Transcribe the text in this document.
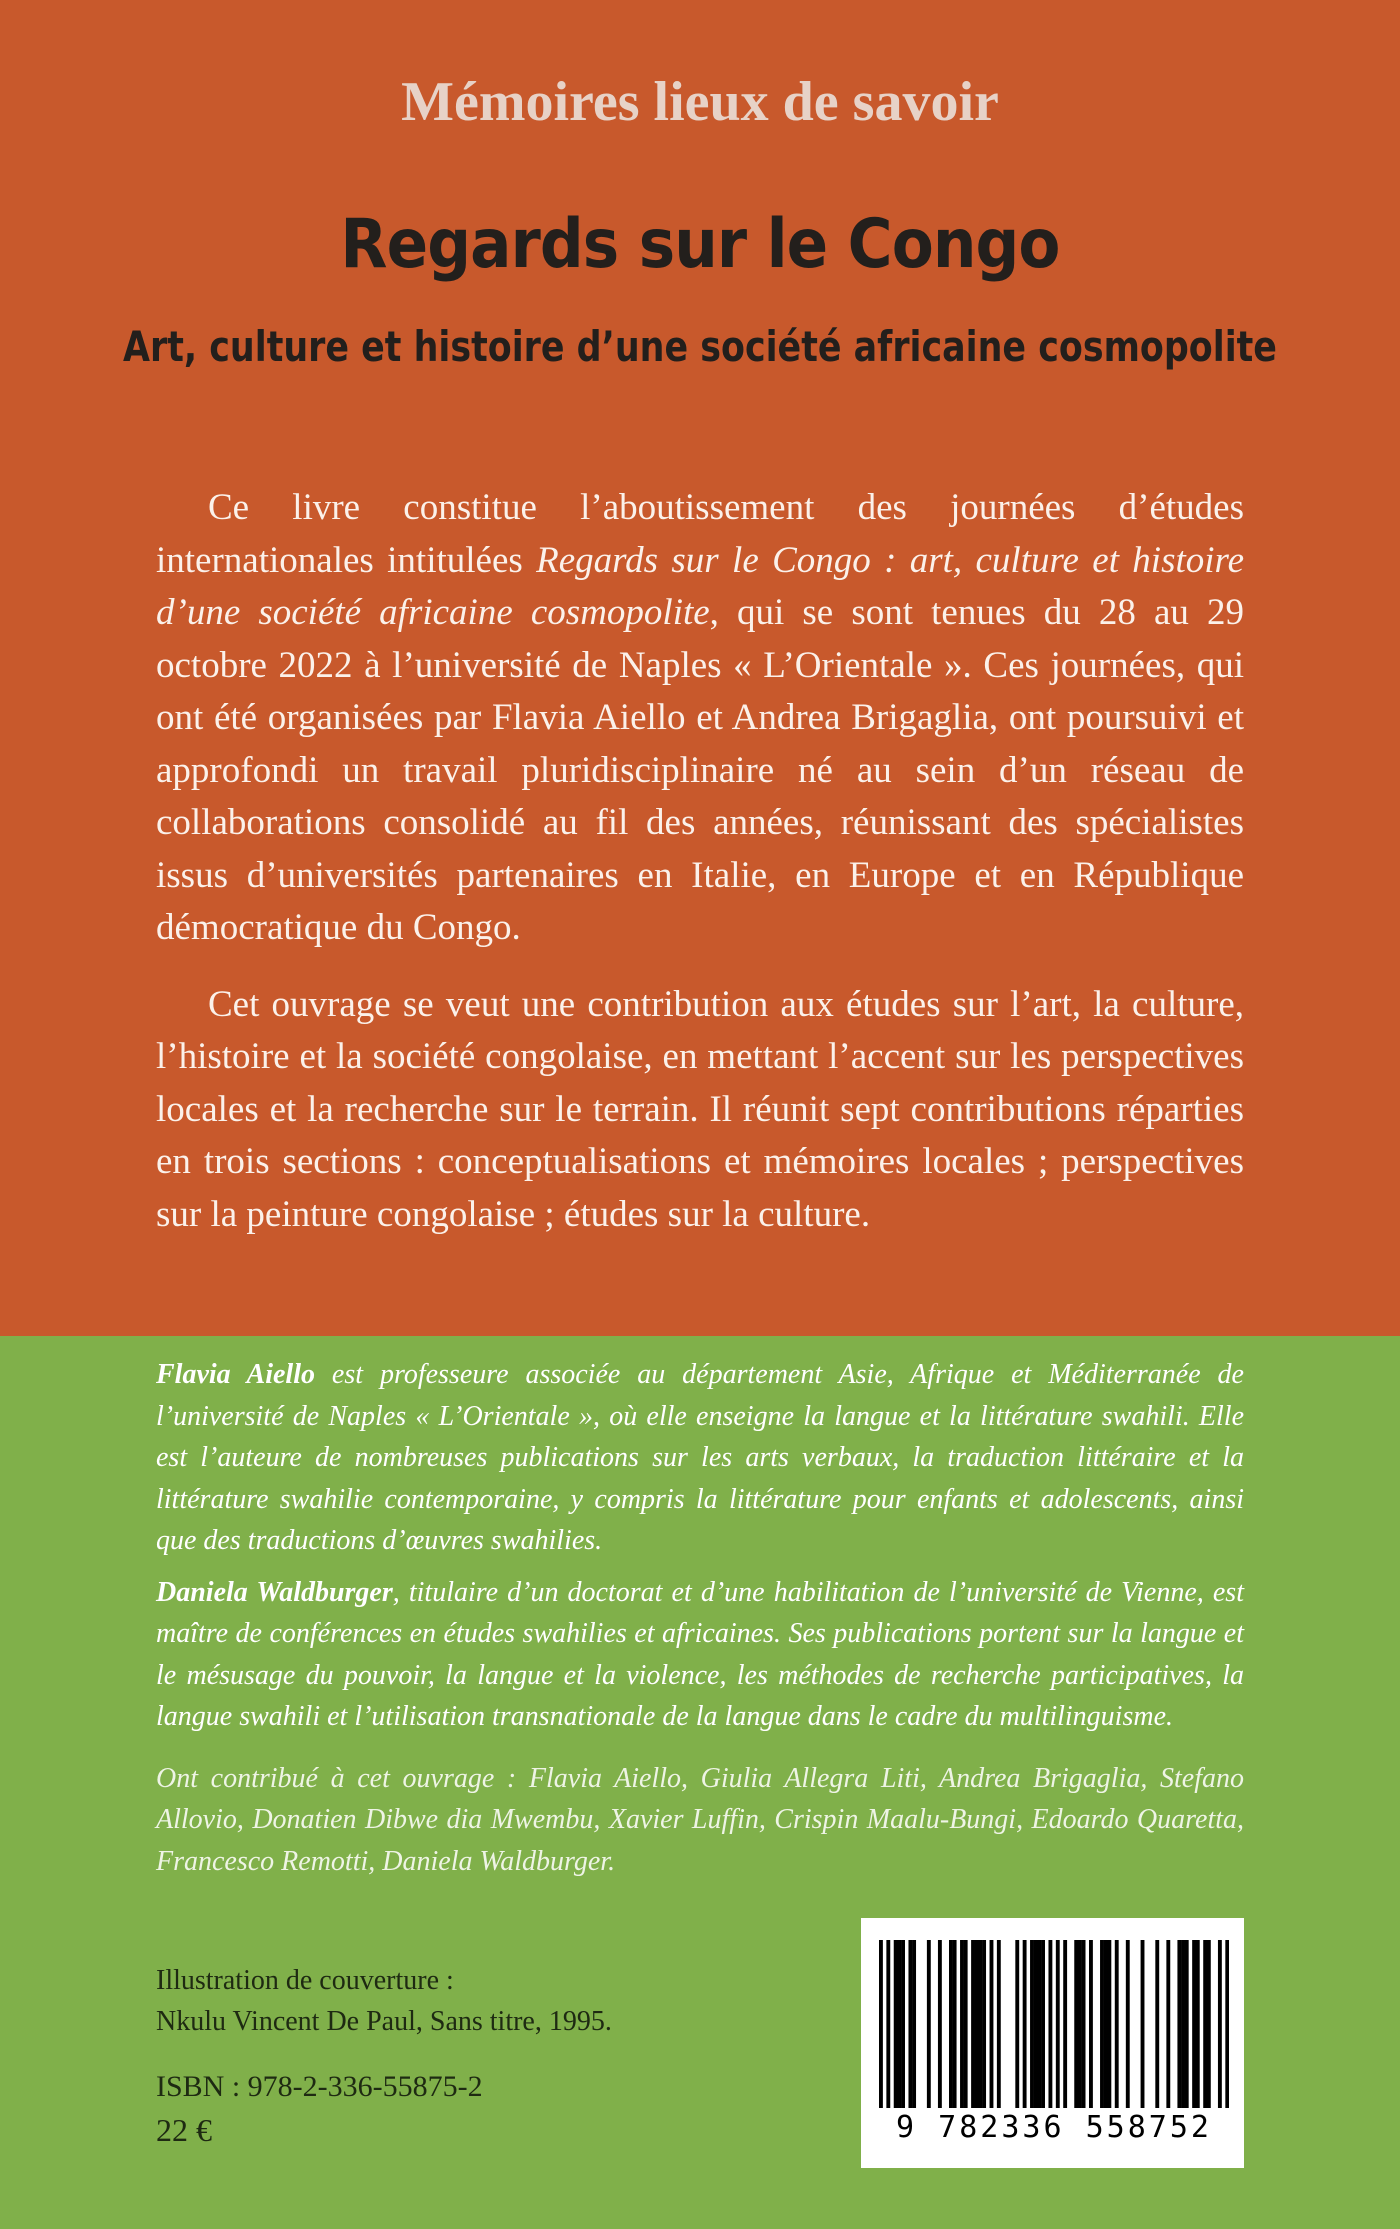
Mémoires lieux de savoir
Regards sur le Congo
Art, culture et histoire d’une société africaine cosmopolite

Ce livre constitue l’aboutissement des journées d’études internationales intitulées Regards sur le Congo : art, culture et histoire d’une société africaine cosmopolite, qui se sont tenues du 28 au 29 octobre 2022 à l’université de Naples « L’Orientale ». Ces journées, qui ont été organisées par Flavia Aiello et Andrea Brigaglia, ont poursuivi et approfondi un travail pluridisciplinaire né au sein d’un réseau de collaborations consolidé au fil des années, réunissant des spécialistes issus d’universités partenaires en Italie, en Europe et en République démocratique du Congo.

Cet ouvrage se veut une contribution aux études sur l’art, la culture, l’histoire et la société congolaise, en mettant l’accent sur les perspectives locales et la recherche sur le terrain. Il réunit sept contributions réparties en trois sections : conceptualisations et mémoires locales ; perspectives sur la peinture congolaise ; études sur la culture.

Flavia Aiello est professeure associée au département Asie, Afrique et Méditerranée de l’université de Naples « L’Orientale », où elle enseigne la langue et la littérature swahili. Elle est l’auteure de nombreuses publications sur les arts verbaux, la traduction littéraire et la littérature swahilie contemporaine, y compris la littérature pour enfants et adolescents, ainsi que des traductions d’œuvres swahilies.

Daniela Waldburger, titulaire d’un doctorat et d’une habilitation de l’université de Vienne, est maître de conférences en études swahilies et africaines. Ses publications portent sur la langue et le mésusage du pouvoir, la langue et la violence, les méthodes de recherche participatives, la langue swahili et l’utilisation transnationale de la langue dans le cadre du multilinguisme.

Ont contribué à cet ouvrage : Flavia Aiello, Giulia Allegra Liti, Andrea Brigaglia, Stefano Allovio, Donatien Dibwe dia Mwembu, Xavier Luffin, Crispin Maalu-Bungi, Edoardo Quaretta, Francesco Remotti, Daniela Waldburger.

Illustration de couverture :
Nkulu Vincent De Paul, Sans titre, 1995.
ISBN : 978-2-336-55875-2
22 €	9 782336 558752
